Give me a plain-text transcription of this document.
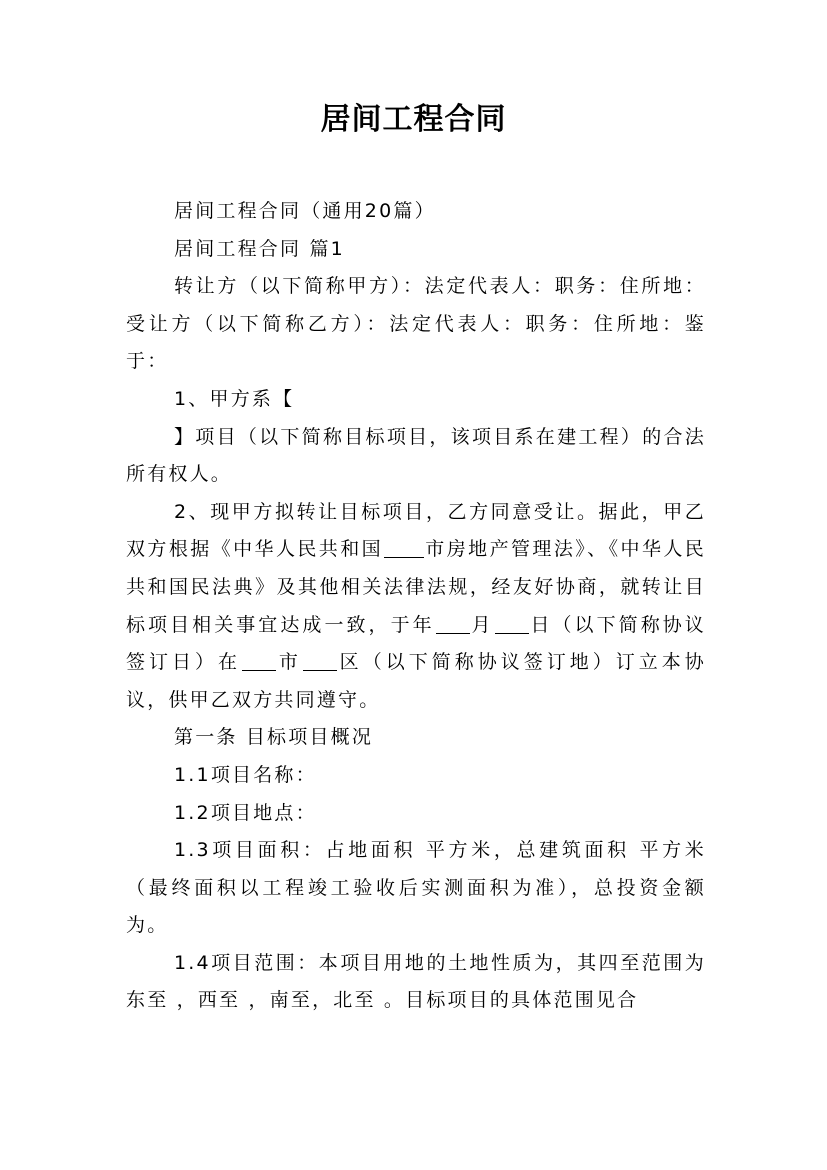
居间工程合同

居间工程合同（通用20篇）

居间工程合同 篇1

转让方（以下简称甲方）：法定代表人：职务：住所地：受让方（以下简称乙方）：法定代表人：职务：住所地：鉴于：

1、甲方系【

】项目（以下简称目标项目，该项目系在建工程）的合法所有权人。

2、现甲方拟转让目标项目，乙方同意受让。据此，甲乙双方根据《中华人民共和国 市房地产管理法》、《中华人民共和国民法典》及其他相关法律法规，经友好协商，就转让目标项目相关事宜达成一致，于年 月 日（以下简称协议签订日）在 市 区（以下简称协议签订地）订立本协议，供甲乙双方共同遵守。

第一条 目标项目概况

1.1项目名称：

1.2项目地点：

1.3项目面积：占地面积 平方米，总建筑面积 平方米（最终面积以工程竣工验收后实测面积为准），总投资金额为。

1.4项目范围：本项目用地的土地性质为，其四至范围为东至 ，西至 ，南至，北至 。目标项目的具体范围见合
